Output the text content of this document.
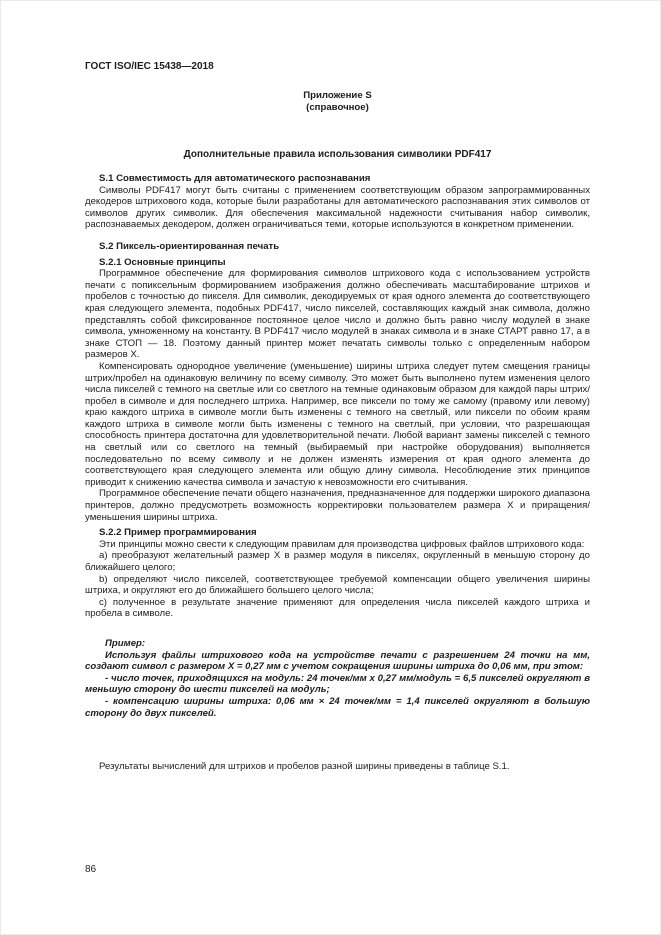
ГОСТ ISO/IEC 15438—2018
Приложение S
(справочное)
Дополнительные правила использования символики PDF417

S.1 Совместимость для автоматического распознавания

Символы PDF417 могут быть считаны с применением соответствующим образом запрограммированных декодеров штрихового кода, которые были разработаны для автоматического распознавания этих символов от символов других символик. Для обеспечения максимальной надежности считывания набор символик, распознаваемых декодером, должен ограничиваться теми, которые используются в конкретном применении.

S.2 Пиксель-ориентированная печать

S.2.1 Основные принципы

Программное обеспечение для формирования символов штрихового кода с использованием устройств печати с попиксельным формированием изображения должно обеспечивать масштабирование штрихов и пробелов с точностью до пикселя. Для символик, декодируемых от края одного элемента до соответствующего края следующего элемента, подобных PDF417, число пикселей, составляющих каждый знак символа, должно представлять собой фиксированное постоянное целое число и должно быть равно числу модулей в знаке символа, умноженному на константу. В PDF417 число модулей в знаках символа и в знаке СТАРТ равно 17, а в знаке СТОП — 18. Поэтому данный принтер может печатать символы только с определенным набором размеров X.

Компенсировать однородное увеличение (уменьшение) ширины штриха следует путем смещения границы штрих/пробел на одинаковую величину по всему символу. Это может быть выполнено путем изменения целого числа пикселей с темного на светлые или со светлого на темные одинаковым образом для каждой пары штрих/пробел в символе и для последнего штриха. Например, все пиксели по тому же самому (правому или левому) краю каждого штриха в символе могли быть изменены с темного на светлый, или пиксели по обоим краям каждого штриха в символе могли быть изменены с темного на светлый, при условии, что разрешающая способность принтера достаточна для удовлетворительной печати. Любой вариант замены пикселей с темного на светлый или со светлого на темный (выбираемый при настройке оборудования) выполняется последовательно по всему символу и не должен изменять измерения от края одного элемента до соответствующего края следующего элемента или общую длину символа. Несоблюдение этих принципов приводит к снижению качества символа и зачастую к невозможности его считывания.

Программное обеспечение печати общего назначения, предназначенное для поддержки широкого диапазона принтеров, должно предусмотреть возможность корректировки пользователем размера X и приращения/уменьшения ширины штриха.

S.2.2 Пример программирования

Эти принципы можно свести к следующим правилам для производства цифровых файлов штрихового кода:

a) преобразуют желательный размер X в размер модуля в пикселях, округленный в меньшую сторону до ближайшего целого;

b) определяют число пикселей, соответствующее требуемой компенсации общего увеличения ширины штриха, и округляют его до ближайшего большего целого числа;

c) полученное в результате значение применяют для определения числа пикселей каждого штриха и пробела в символе.

Пример:

Используя файлы штрихового кода на устройстве печати с разрешением 24 точки на мм, создают символ с размером X = 0,27 мм с учетом сокращения ширины штриха до 0,06 мм, при этом:

- число точек, приходящихся на модуль: 24 точек/мм х 0,27 мм/модуль = 6,5 пикселей округляют в меньшую сторону до шести пикселей на модуль;

- компенсацию ширины штриха: 0,06 мм × 24 точек/мм = 1,4 пикселей округляют в большую сторону до двух пикселей.

Результаты вычислений для штрихов и пробелов разной ширины приведены в таблице S.1.

86
